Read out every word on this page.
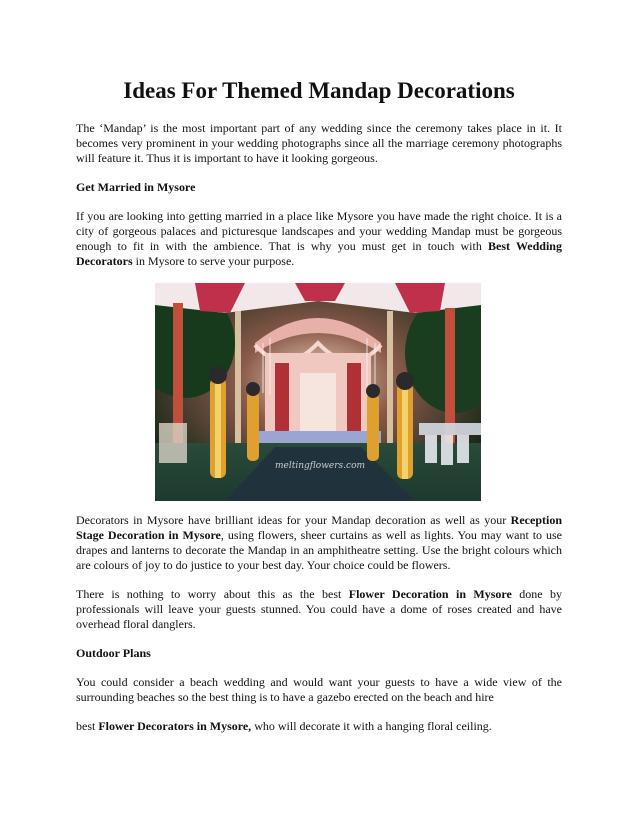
Ideas For Themed Mandap Decorations

The ‘Mandap’ is the most important part of any wedding since the ceremony takes place in it. It becomes very prominent in your wedding photographs since all the marriage ceremony photographs will feature it. Thus it is important to have it looking gorgeous.

Get Married in Mysore

If you are looking into getting married in a place like Mysore you have made the right choice. It is a city of gorgeous palaces and picturesque landscapes and your wedding Mandap must be gorgeous enough to fit in with the ambience. That is why you must get in touch with Best Wedding Decorators in Mysore to serve your purpose.

meltingflowers.com

Decorators in Mysore have brilliant ideas for your Mandap decoration as well as your Reception Stage Decoration in Mysore, using flowers, sheer curtains as well as lights. You may want to use drapes and lanterns to decorate the Mandap in an amphitheatre setting. Use the bright colours which are colours of joy to do justice to your best day. Your choice could be flowers.

There is nothing to worry about this as the best Flower Decoration in Mysore done by professionals will leave your guests stunned. You could have a dome of roses created and have overhead floral danglers.

Outdoor Plans

You could consider a beach wedding and would want your guests to have a wide view of the surrounding beaches so the best thing is to have a gazebo erected on the beach and hire

best Flower Decorators in Mysore, who will decorate it with a hanging floral ceiling.
